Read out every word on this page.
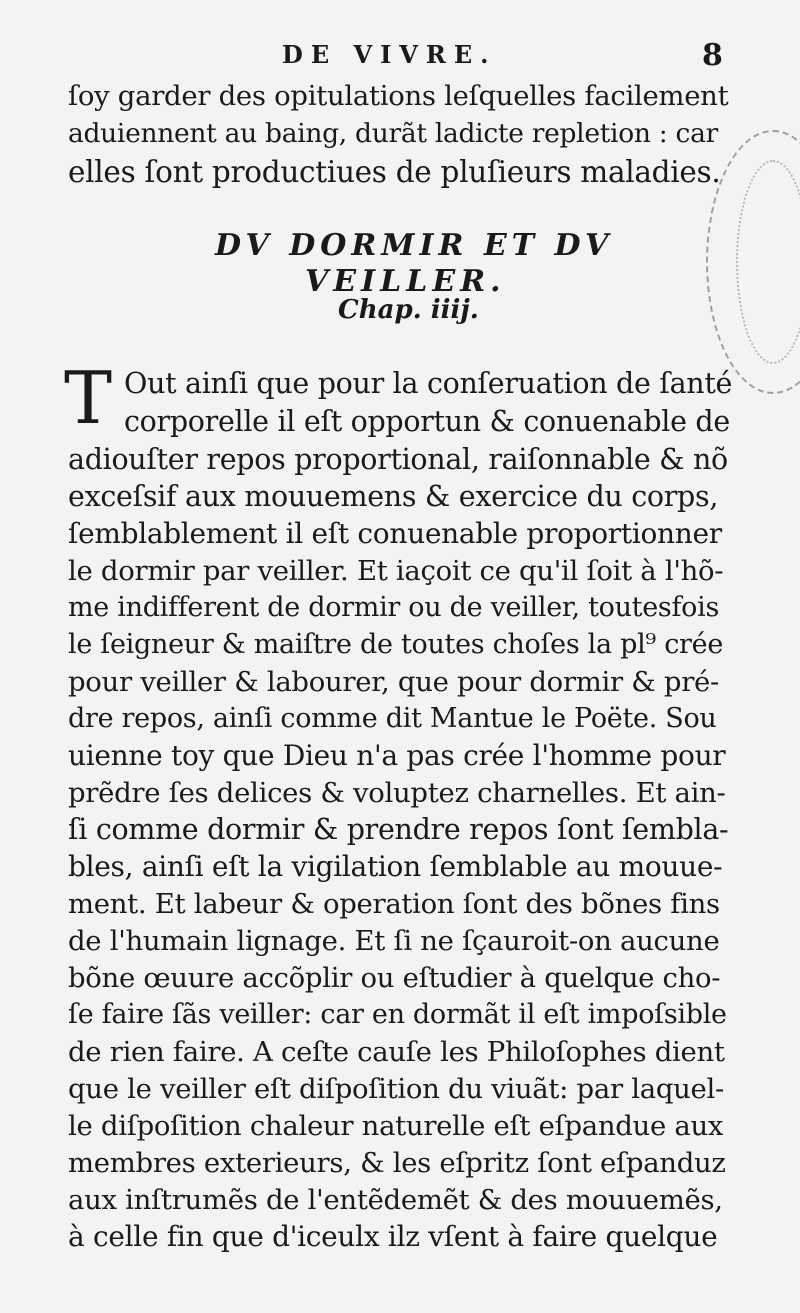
DE VIVRE.	8
ſoy garder des opitulations leſquelles facilement
aduiennent au baing, durãt ladicte repletion : car
elles ſont productiues de pluſieurs maladies.
DV DORMIR ET DV
VEILLER.
Chap. iiij.
T Out ainſi que pour la conſeruation de ſanté
corporelle il eſt opportun & conuenable de
adiouſter repos proportional, raiſonnable & nõ
exceſsif aux mouuemens & exercice du corps,
ſemblablement il eſt conuenable proportionner
le dormir par veiller. Et iaçoit ce qu'il ſoit à l'hõ-
me indifferent de dormir ou de veiller, toutesfois
le ſeigneur & maiſtre de toutes choſes la pl⁹ crée
pour veiller & labourer, que pour dormir & pré-
dre repos, ainſi comme dit Mantue le Poëte. Sou
uienne toy que Dieu n'a pas crée l'homme pour
prẽdre ſes delices & voluptez charnelles. Et ain-
ſi comme dormir & prendre repos ſont ſembla-
bles, ainſi eſt la vigilation ſemblable au mouue-
ment. Et labeur & operation ſont des bõnes fins
de l'humain lignage. Et ſi ne ſçauroit-on aucune
bõne œuure accõplir ou eſtudier à quelque cho-
ſe faire ſãs veiller: car en dormãt il eſt impoſsible
de rien faire. A ceſte cauſe les Philoſophes dient
que le veiller eſt diſpoſition du viuãt: par laquel-
le diſpoſition chaleur naturelle eſt eſpandue aux
membres exterieurs, & les eſpritz ſont eſpanduz
aux inſtrumẽs de l'entẽdemẽt & des mouuemẽs,
à celle fin que d'iceulx ilz vſent à faire quelque
